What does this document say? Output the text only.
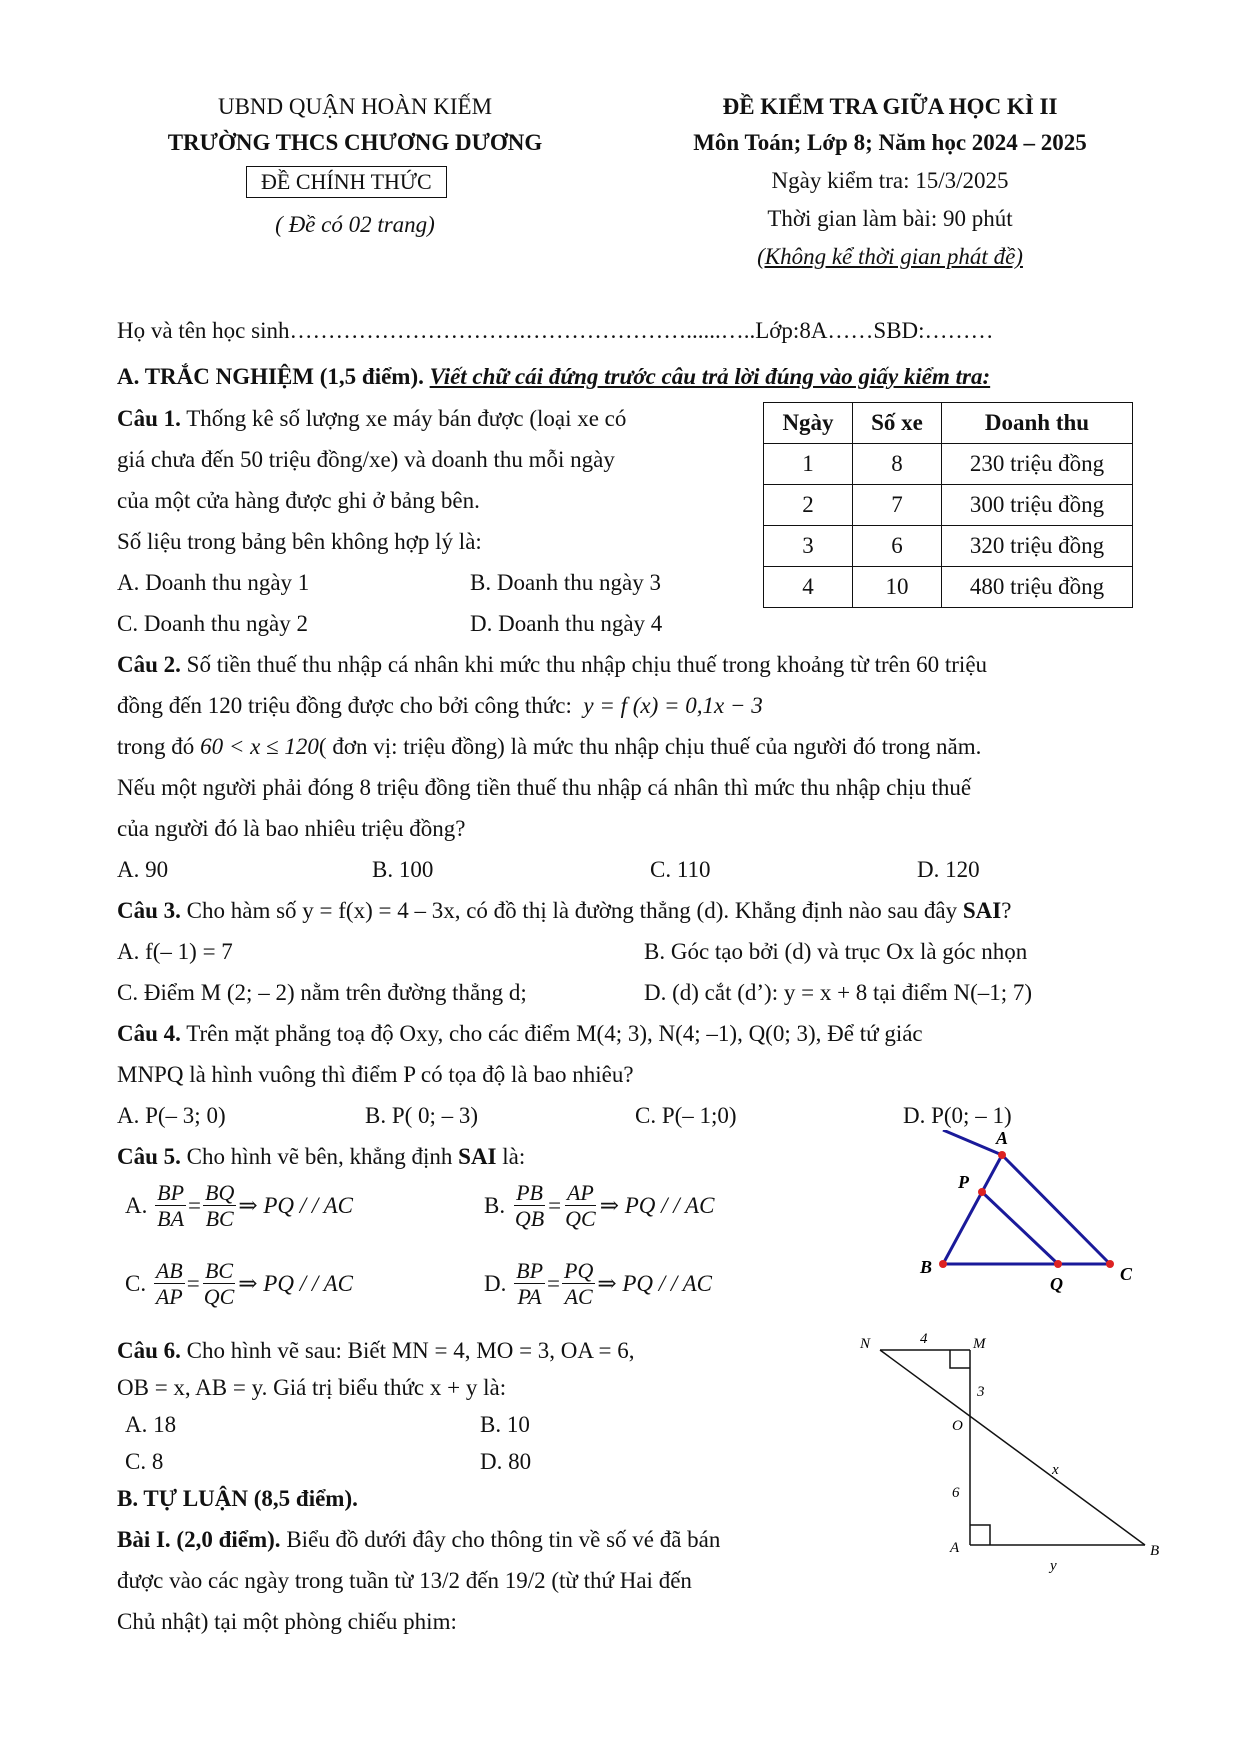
UBND QUẬN HOÀN KIẾM
TRƯỜNG THCS CHƯƠNG DƯƠNG
ĐỀ CHÍNH THỨC
( Đề có 02 trang)
ĐỀ KIỂM TRA GIỮA HỌC KÌ II
Môn Toán; Lớp 8; Năm học 2024 – 2025
Ngày kiểm tra: 15/3/2025
Thời gian làm bài: 90 phút
(Không kể thời gian phát đề)
Họ và tên học sinh………………………….…………………......…..Lớp:8A……SBD:………
A. TRẮC NGHIỆM (1,5 điểm). Viết chữ cái đứng trước câu trả lời đúng vào giấy kiểm tra:
Câu 1. Thống kê số lượng xe máy bán được (loại xe có
giá chưa đến 50 triệu đồng/xe) và doanh thu mỗi ngày
của một cửa hàng được ghi ở bảng bên.
Số liệu trong bảng bên không hợp lý là:
A. Doanh thu ngày 1	B. Doanh thu ngày 3
C. Doanh thu ngày 2	D. Doanh thu ngày 4
Ngày	Số xe	Doanh thu
1	8	230 triệu đồng
2	7	300 triệu đồng
3	6	320 triệu đồng
4	10	480 triệu đồng
Câu 2. Số tiền thuế thu nhập cá nhân khi mức thu nhập chịu thuế trong khoảng từ trên 60 triệu
đồng đến 120 triệu đồng được cho bởi công thức: y = f (x) = 0,1x − 3
trong đó 60 < x ≤ 120( đơn vị: triệu đồng) là mức thu nhập chịu thuế của người đó trong năm.
Nếu một người phải đóng 8 triệu đồng tiền thuế thu nhập cá nhân thì mức thu nhập chịu thuế
của người đó là bao nhiêu triệu đồng?
A. 90	B. 100	C. 110	D. 120
Câu 3. Cho hàm số y = f(x) = 4 – 3x, có đồ thị là đường thẳng (d). Khẳng định nào sau đây SAI?
A. f(– 1) = 7	B. Góc tạo bởi (d) và trục Ox là góc nhọn
C. Điểm M (2; – 2) nằm trên đường thẳng d;	D. (d) cắt (d’): y = x + 8 tại điểm N(–1; 7)
Câu 4. Trên mặt phẳng toạ độ Oxy, cho các điểm M(4; 3), N(4; –1), Q(0; 3), Để tứ giác
MNPQ là hình vuông thì điểm P có tọa độ là bao nhiêu?
A. P(– 3; 0)	B. P( 0; – 3)	C. P(– 1;0)	D. P(0; – 1)
Câu 5. Cho hình vẽ bên, khẳng định SAI là:
A.
$\frac{BP}{BA} = \frac{BQ}{BC}$ ⇒ PQ / / AC	B.
$\frac{PB}{QB} = \frac{AP}{QC}$ ⇒ PQ / / AC
C.
$\frac{AB}{AP} = \frac{BC}{QC}$ ⇒ PQ / / AC	D.
$\frac{BP}{PA} = \frac{PQ}{AC}$ ⇒ PQ / / AC
A
P
B
Q	C
Câu 6. Cho hình vẽ sau: Biết MN = 4, MO = 3, OA = 6,
OB = x, AB = y. Giá trị biểu thức x + y là:
A. 18	B. 10
C. 8	D. 80
N	4	M
3
O
x
6
A	B
y
B. TỰ LUẬN (8,5 điểm).
Bài I. (2,0 điểm). Biểu đồ dưới đây cho thông tin về số vé đã bán
được vào các ngày trong tuần từ 13/2 đến 19/2 (từ thứ Hai đến
Chủ nhật) tại một phòng chiếu phim:
